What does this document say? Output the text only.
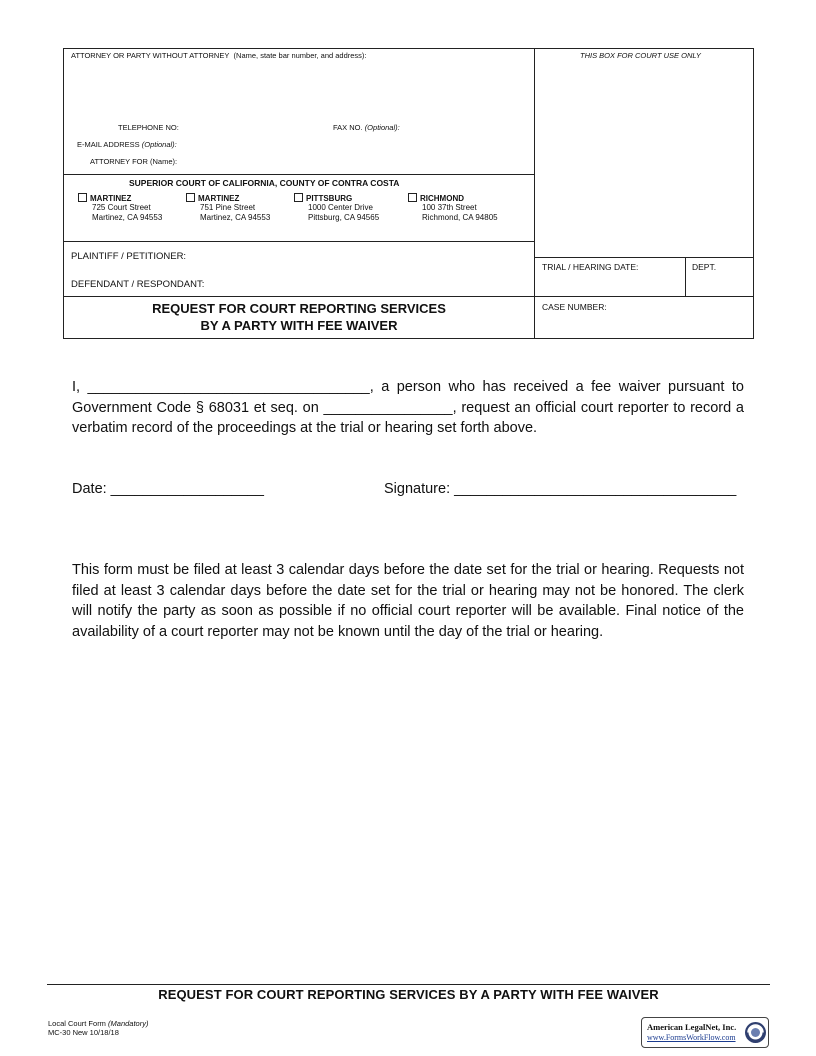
ATTORNEY OR PARTY WITHOUT ATTORNEY (Name, state bar number, and address):	THIS BOX FOR COURT USE ONLY
TELEPHONE NO:	FAX NO. (Optional):
E-MAIL ADDRESS (Optional):
ATTORNEY FOR (Name):
SUPERIOR COURT OF CALIFORNIA, COUNTY OF CONTRA COSTA
MARTINEZ
725 Court Street
Martinez, CA 94553
MARTINEZ
751 Pine Street
Martinez, CA 94553
PITTSBURG
1000 Center Drive
Pittsburg, CA 94565
RICHMOND
100 37th Street
Richmond, CA 94805
PLAINTIFF / PETITIONER:
DEFENDANT / RESPONDANT:
TRIAL / HEARING DATE:	DEPT.
CASE NUMBER:
REQUEST FOR COURT REPORTING SERVICES
BY A PARTY WITH FEE WAIVER
I, ___________________________________, a person who has received a fee waiver pursuant to Government Code § 68031 et seq. on ________________, request an official court reporter to record a verbatim record of the proceedings at the trial or hearing set forth above.
Date: ___________________	Signature: ___________________________________
This form must be filed at least 3 calendar days before the date set for the trial or hearing. Requests not filed at least 3 calendar days before the date set for the trial or hearing may not be honored. The clerk will notify the party as soon as possible if no official court reporter will be available. Final notice of the availability of a court reporter may not be known until the day of the trial or hearing.
REQUEST FOR COURT REPORTING SERVICES BY A PARTY WITH FEE WAIVER
Local Court Form (Mandatory)
MC-30 New 10/18/18
American LegalNet, Inc.
www.FormsWorkFlow.com
